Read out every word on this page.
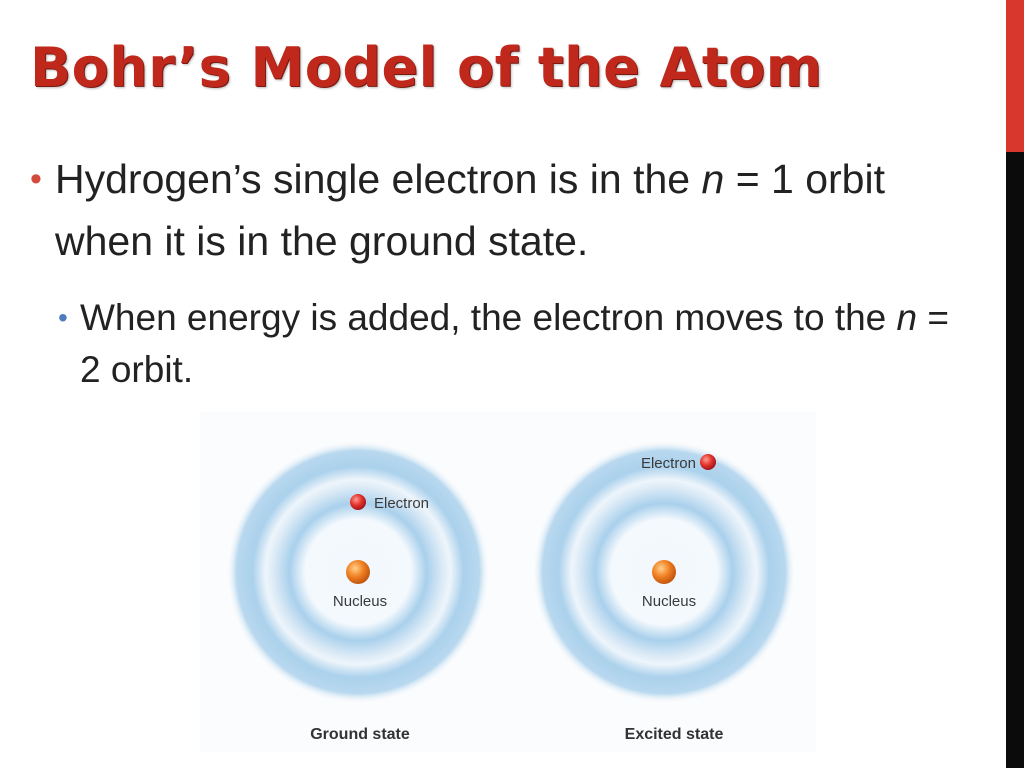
Bohr’s Model of the Atom
• Hydrogen’s single electron is in the n = 1 orbit when it is in the ground state.
• When energy is added, the electron moves to the n = 2 orbit.
Nucleus
Electron
Ground state
Nucleus
Electron
Excited state
